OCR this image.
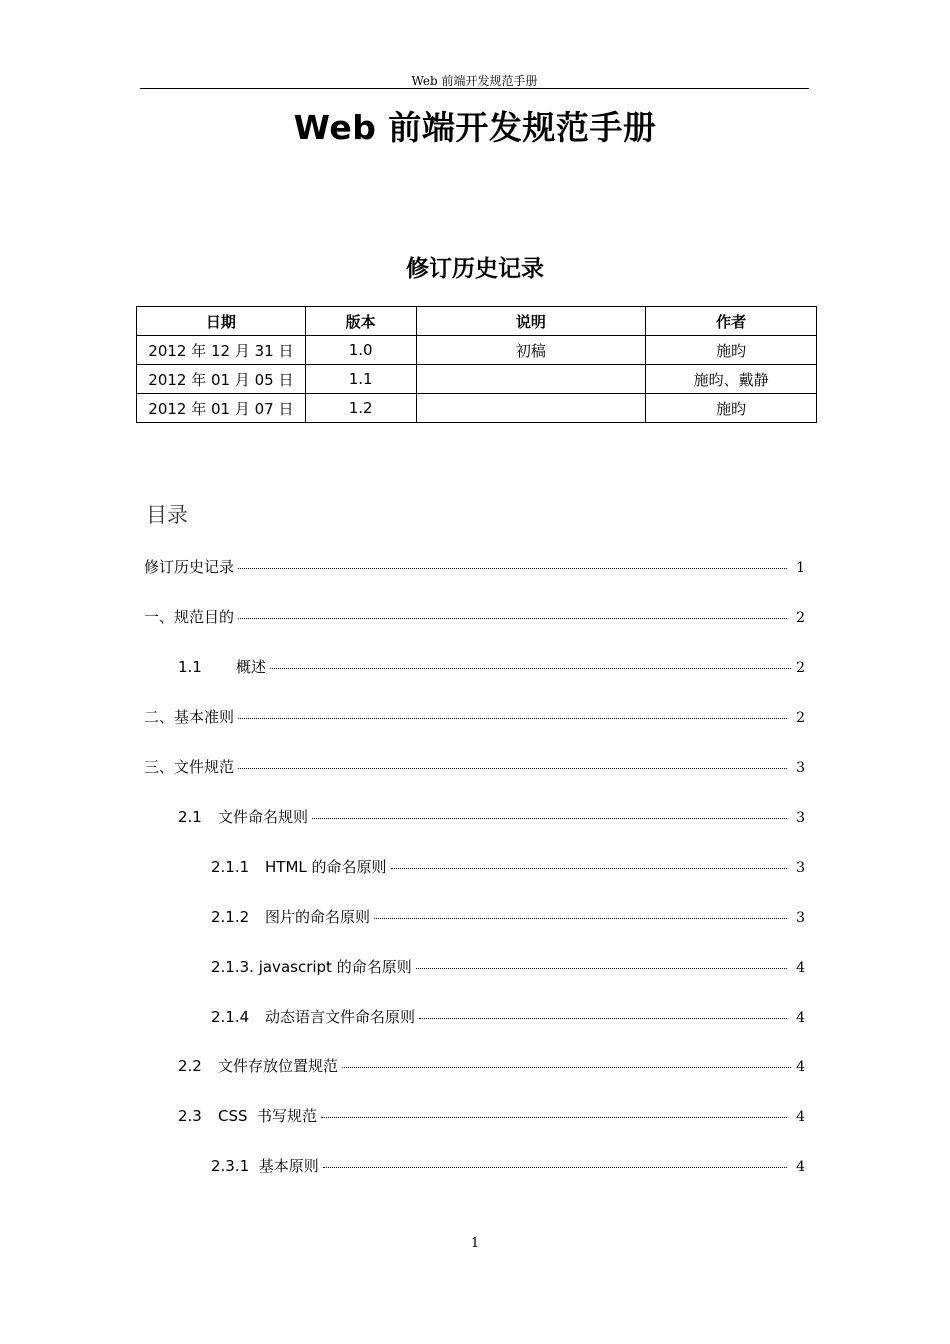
Web 前端开发规范手册
Web 前端开发规范手册
修订历史记录
日期	版本	说明	作者
2012 年 12 月 31 日	1.0	初稿	施昀
2012 年 01 月 05 日	1.1		施昀、戴静
2012 年 01 月 07 日	1.2		施昀
目录
修订历史记录	1
一、规范目的	2
1.1	概述	2
二、基本准则	2
三、文件规范	3
2.1	文件命名规则	3
2.1.1	HTML 的命名原则	3
2.1.2	图片的命名原则	3
2.1.3. javascript 的命名原则	4
2.1.4	动态语言文件命名原则	4
2.2	文件存放位置规范	4
2.3	CSS  书写规范	4
2.3.1  基本原则	4
1
